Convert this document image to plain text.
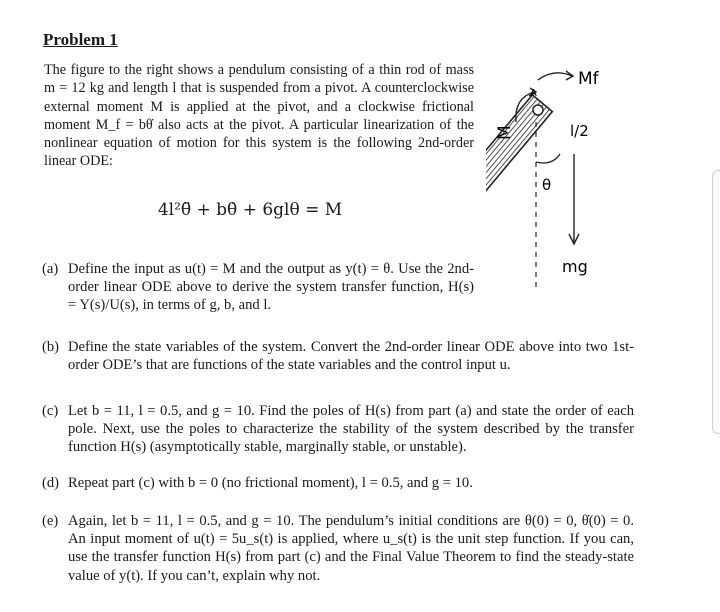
Problem 1
The figure to the right shows a pendulum consisting of a thin rod of mass m = 12 kg and length l that is suspended from a pivot. A counterclockwise external moment M is applied at the pivot, and a clockwise frictional moment M_f = bθ̇ also acts at the pivot. A particular linearization of the nonlinear equation of motion for this system is the following 2nd-order linear ODE:
4l²θ̈ + bθ̇ + 6glθ = M
(a) Define the input as u(t) = M and the output as y(t) = θ. Use the 2nd-order linear ODE above to derive the system transfer function, H(s) = Y(s)/U(s), in terms of g, b, and l.
(b) Define the state variables of the system. Convert the 2nd-order linear ODE above into two 1st-order ODE’s that are functions of the state variables and the control input u.
(c) Let b = 11, l = 0.5, and g = 10. Find the poles of H(s) from part (a) and state the order of each pole. Next, use the poles to characterize the stability of the system described by the transfer function H(s) (asymptotically stable, marginally stable, or unstable).
(d) Repeat part (c) with b = 0 (no frictional moment), l = 0.5, and g = 10.
(e) Again, let b = 11, l = 0.5, and g = 10. The pendulum’s initial conditions are θ(0) = 0, θ̇(0) = 0. An input moment of u(t) = 5u_s(t) is applied, where u_s(t) is the unit step function. If you can, use the transfer function H(s) from part (c) and the Final Value Theorem to find the steady-state value of y(t). If you can’t, explain why not.
M
Mf
A
l/2
θ
mg
